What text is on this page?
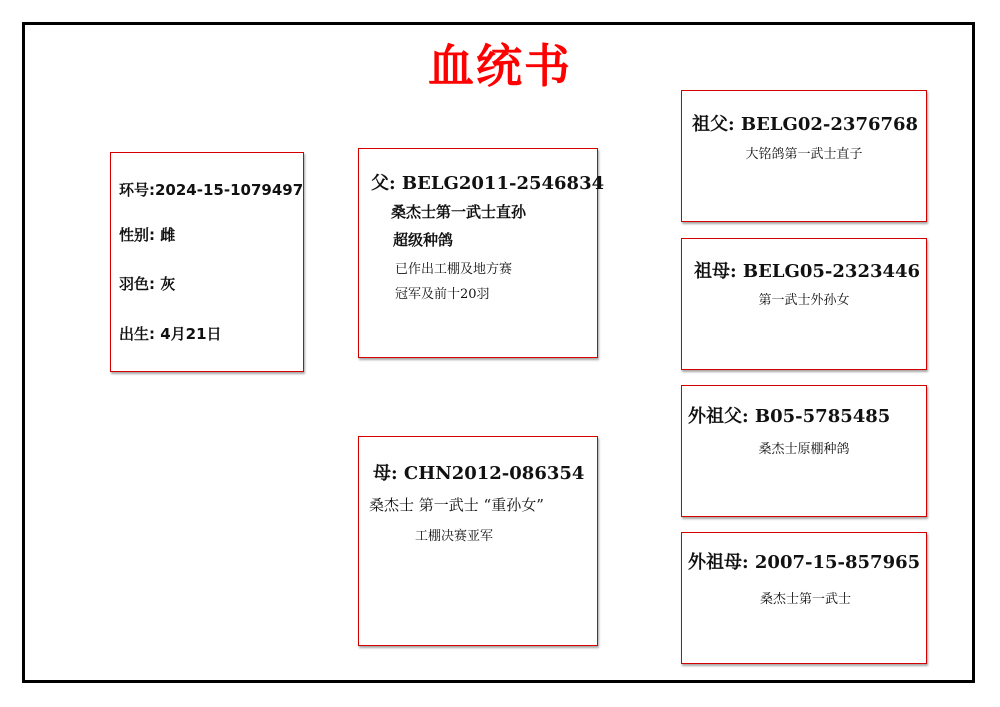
血统书
环号:2024-15-1079497
性别: 雌
羽色: 灰
出生: 4月21日
父: BELG2011-2546834
桑杰士第一武士直孙
超级种鸽
已作出工棚及地方赛
冠军及前十20羽
母: CHN2012-086354
桑杰士 第一武士 “重孙女”
工棚决赛亚军
祖父: BELG02-2376768
大铭鸽第一武士直子
祖母: BELG05-2323446
第一武士外孙女
外祖父: B05-5785485
桑杰士原棚种鸽
外祖母: 2007-15-857965
桑杰士第一武士
